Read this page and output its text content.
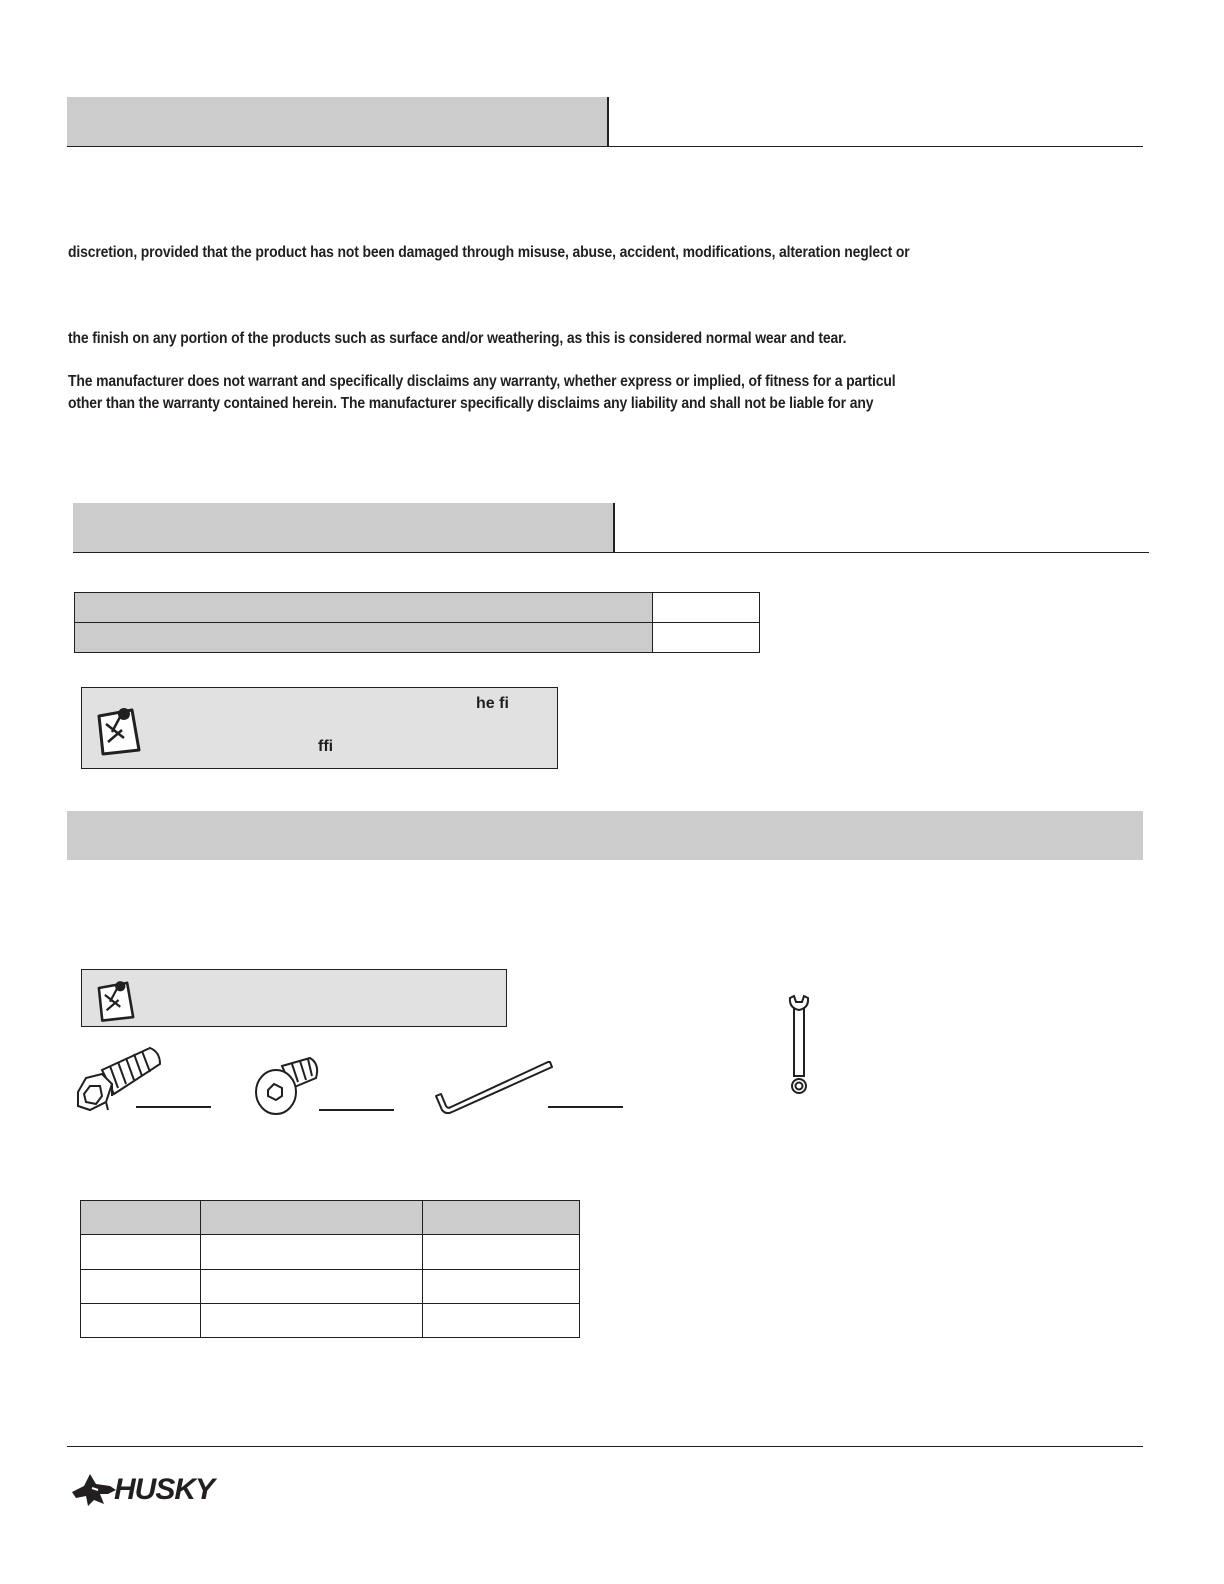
discretion, provided that the product has not been damaged through misuse, abuse, accident, modifications, alteration neglect or
the finish on any portion of the products such as surface and/or weathering, as this is considered normal wear and tear.
The manufacturer does not warrant and specifically disclaims any warranty, whether express or implied, of fitness for a particul
other than the warranty contained herein. The manufacturer specifically disclaims any liability and shall not be liable for any

he fi
ffi

HUSKY
